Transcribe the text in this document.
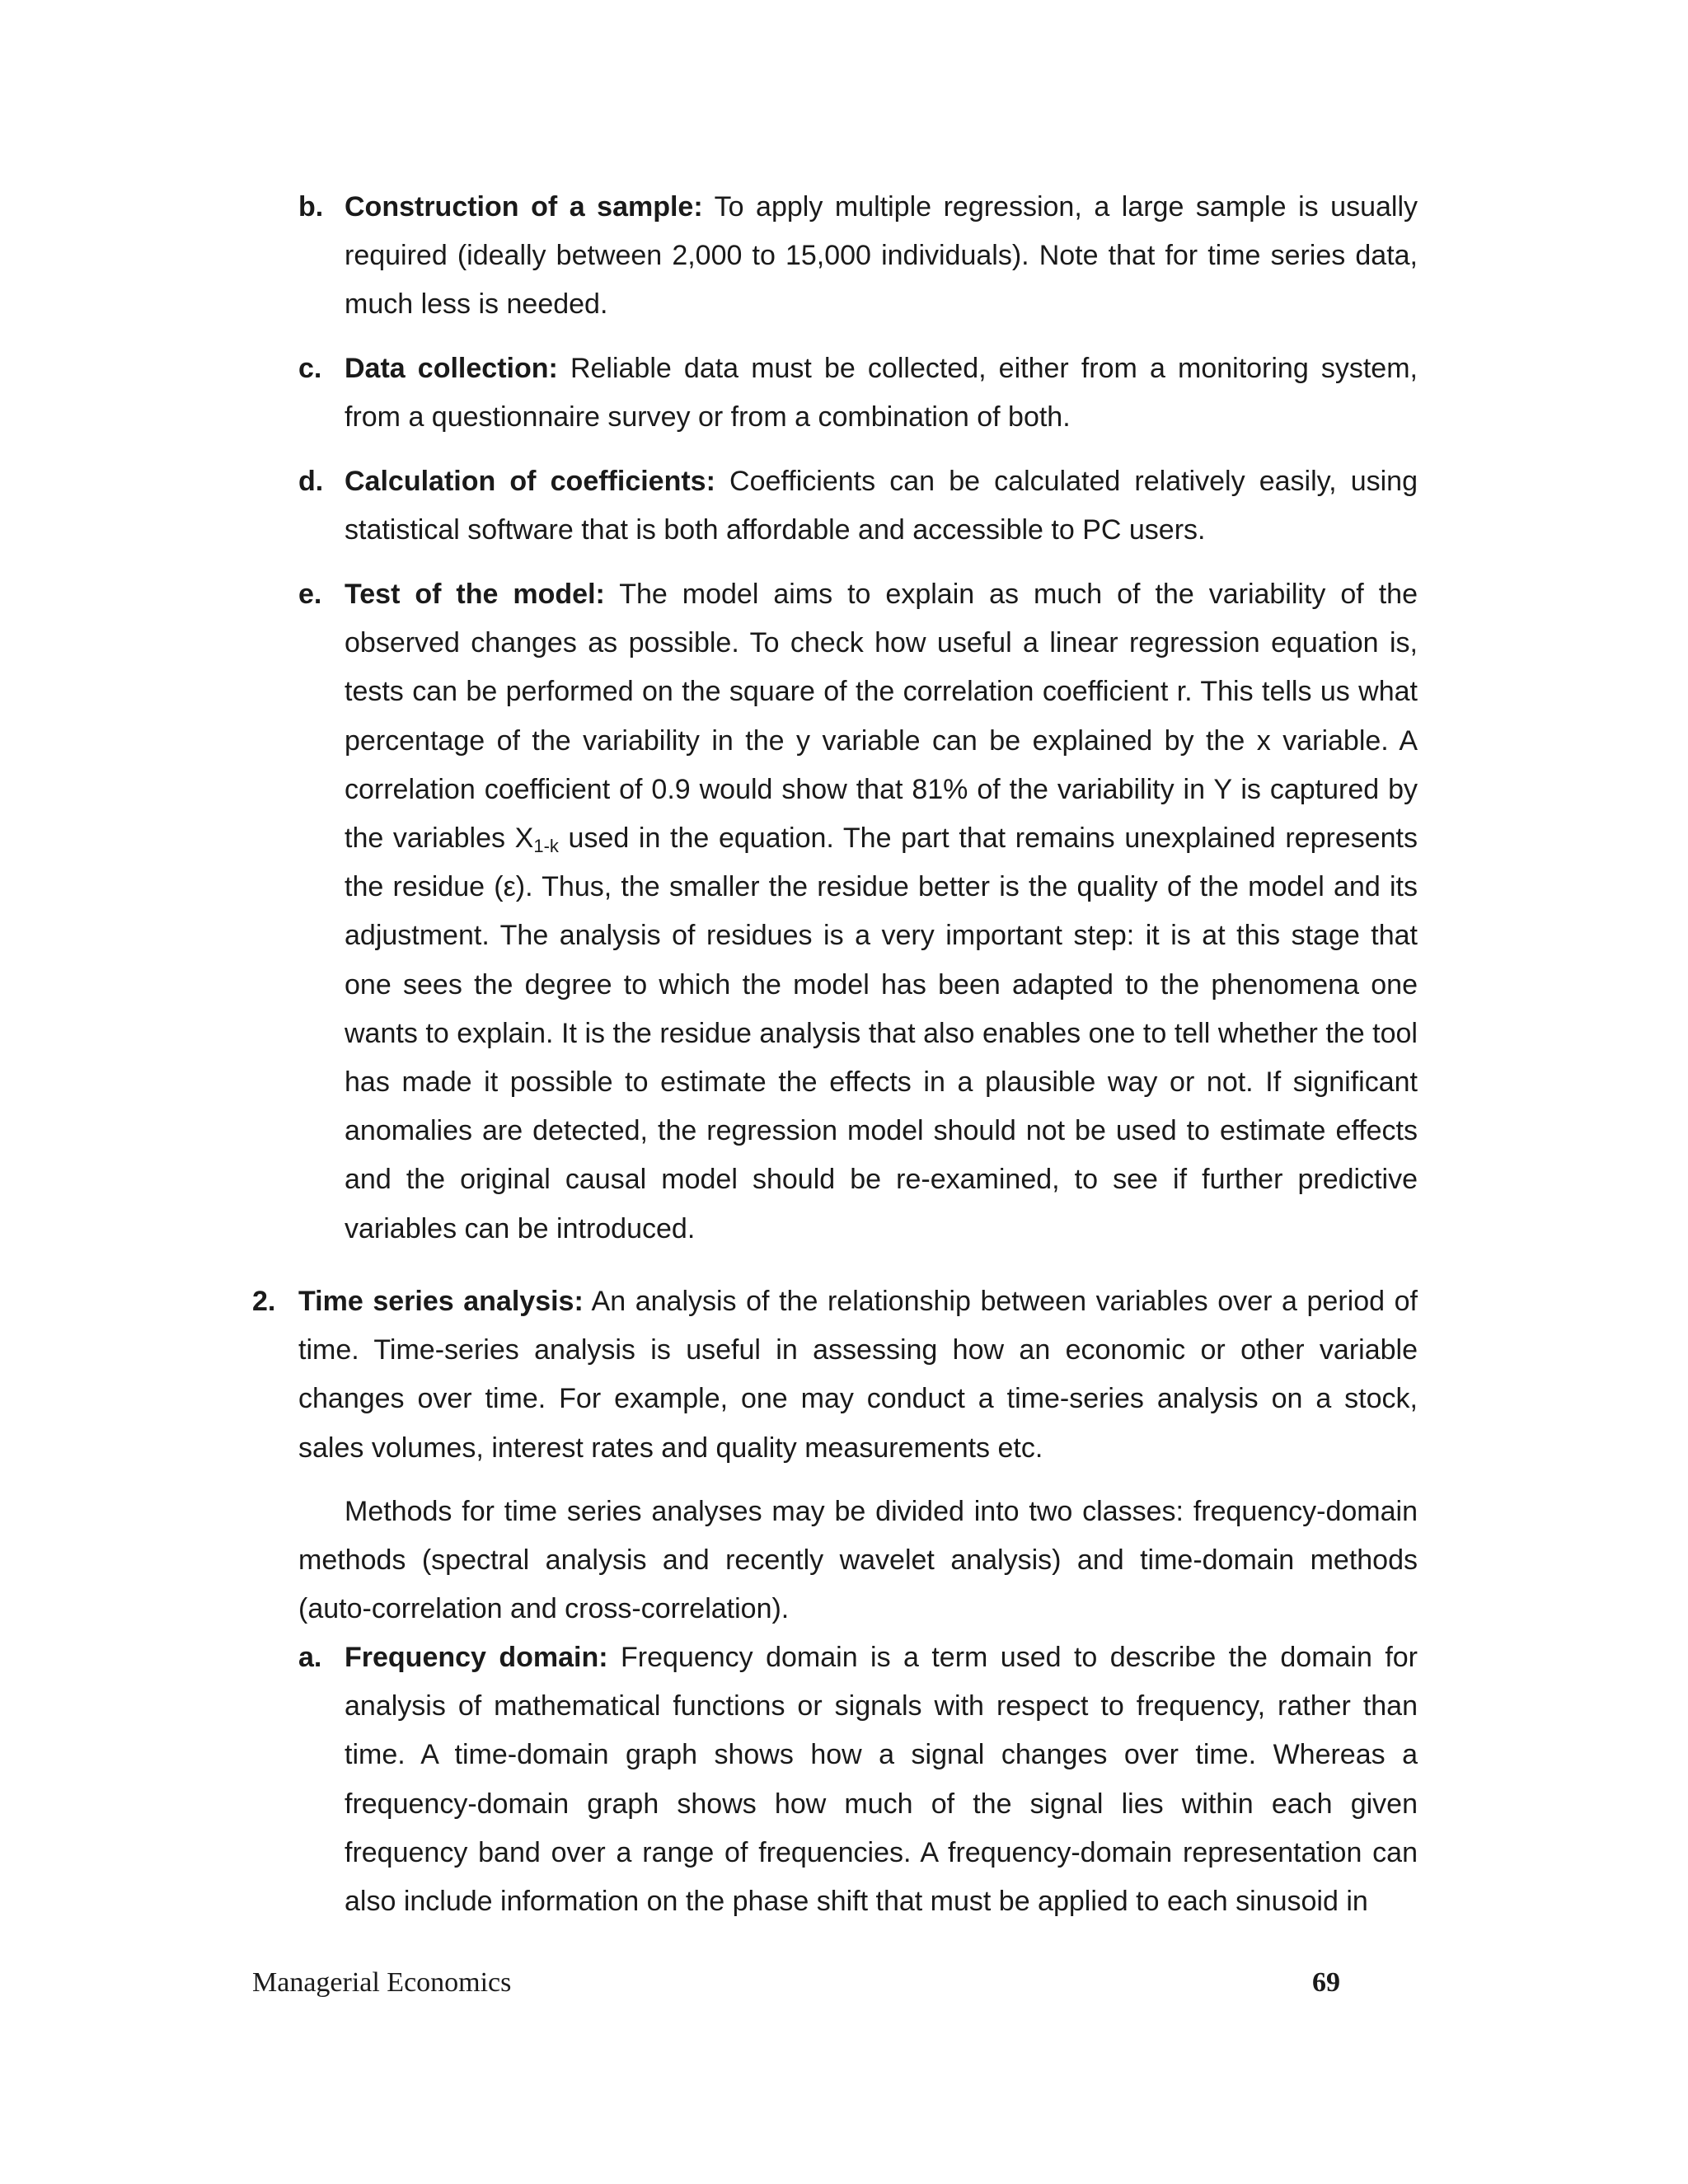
b. Construction of a sample: To apply multiple regression, a large sample is usually required (ideally between 2,000 to 15,000 individuals). Note that for time series data, much less is needed.

c. Data collection: Reliable data must be collected, either from a monitoring system, from a questionnaire survey or from a combination of both.

d. Calculation of coefficients: Coefficients can be calculated relatively easily, using statistical software that is both affordable and accessible to PC users.

e. Test of the model: The model aims to explain as much of the variability of the observed changes as possible. To check how useful a linear regression equation is, tests can be performed on the square of the correlation coefficient r. This tells us what percentage of the variability in the y variable can be explained by the x variable. A correlation coefficient of 0.9 would show that 81% of the variability in Y is captured by the variables $X_{1-k}$ used in the equation. The part that remains unexplained represents the residue (ε). Thus, the smaller the residue better is the quality of the model and its adjustment. The analysis of residues is a very important step: it is at this stage that one sees the degree to which the model has been adapted to the phenomena one wants to explain. It is the residue analysis that also enables one to tell whether the tool has made it possible to estimate the effects in a plausible way or not. If significant anomalies are detected, the regression model should not be used to estimate effects and the original causal model should be re-examined, to see if further predictive variables can be introduced.

2. Time series analysis: An analysis of the relationship between variables over a period of time. Time-series analysis is useful in assessing how an economic or other variable changes over time. For example, one may conduct a time-series analysis on a stock, sales volumes, interest rates and quality measurements etc.

Methods for time series analyses may be divided into two classes: frequency-domain methods (spectral analysis and recently wavelet analysis) and time-domain methods (auto-correlation and cross-correlation).

a. Frequency domain: Frequency domain is a term used to describe the domain for analysis of mathematical functions or signals with respect to frequency, rather than time. A time-domain graph shows how a signal changes over time. Whereas a frequency-domain graph shows how much of the signal lies within each given frequency band over a range of frequencies. A frequency-domain representation can also include information on the phase shift that must be applied to each sinusoid in

Managerial Economics	69
